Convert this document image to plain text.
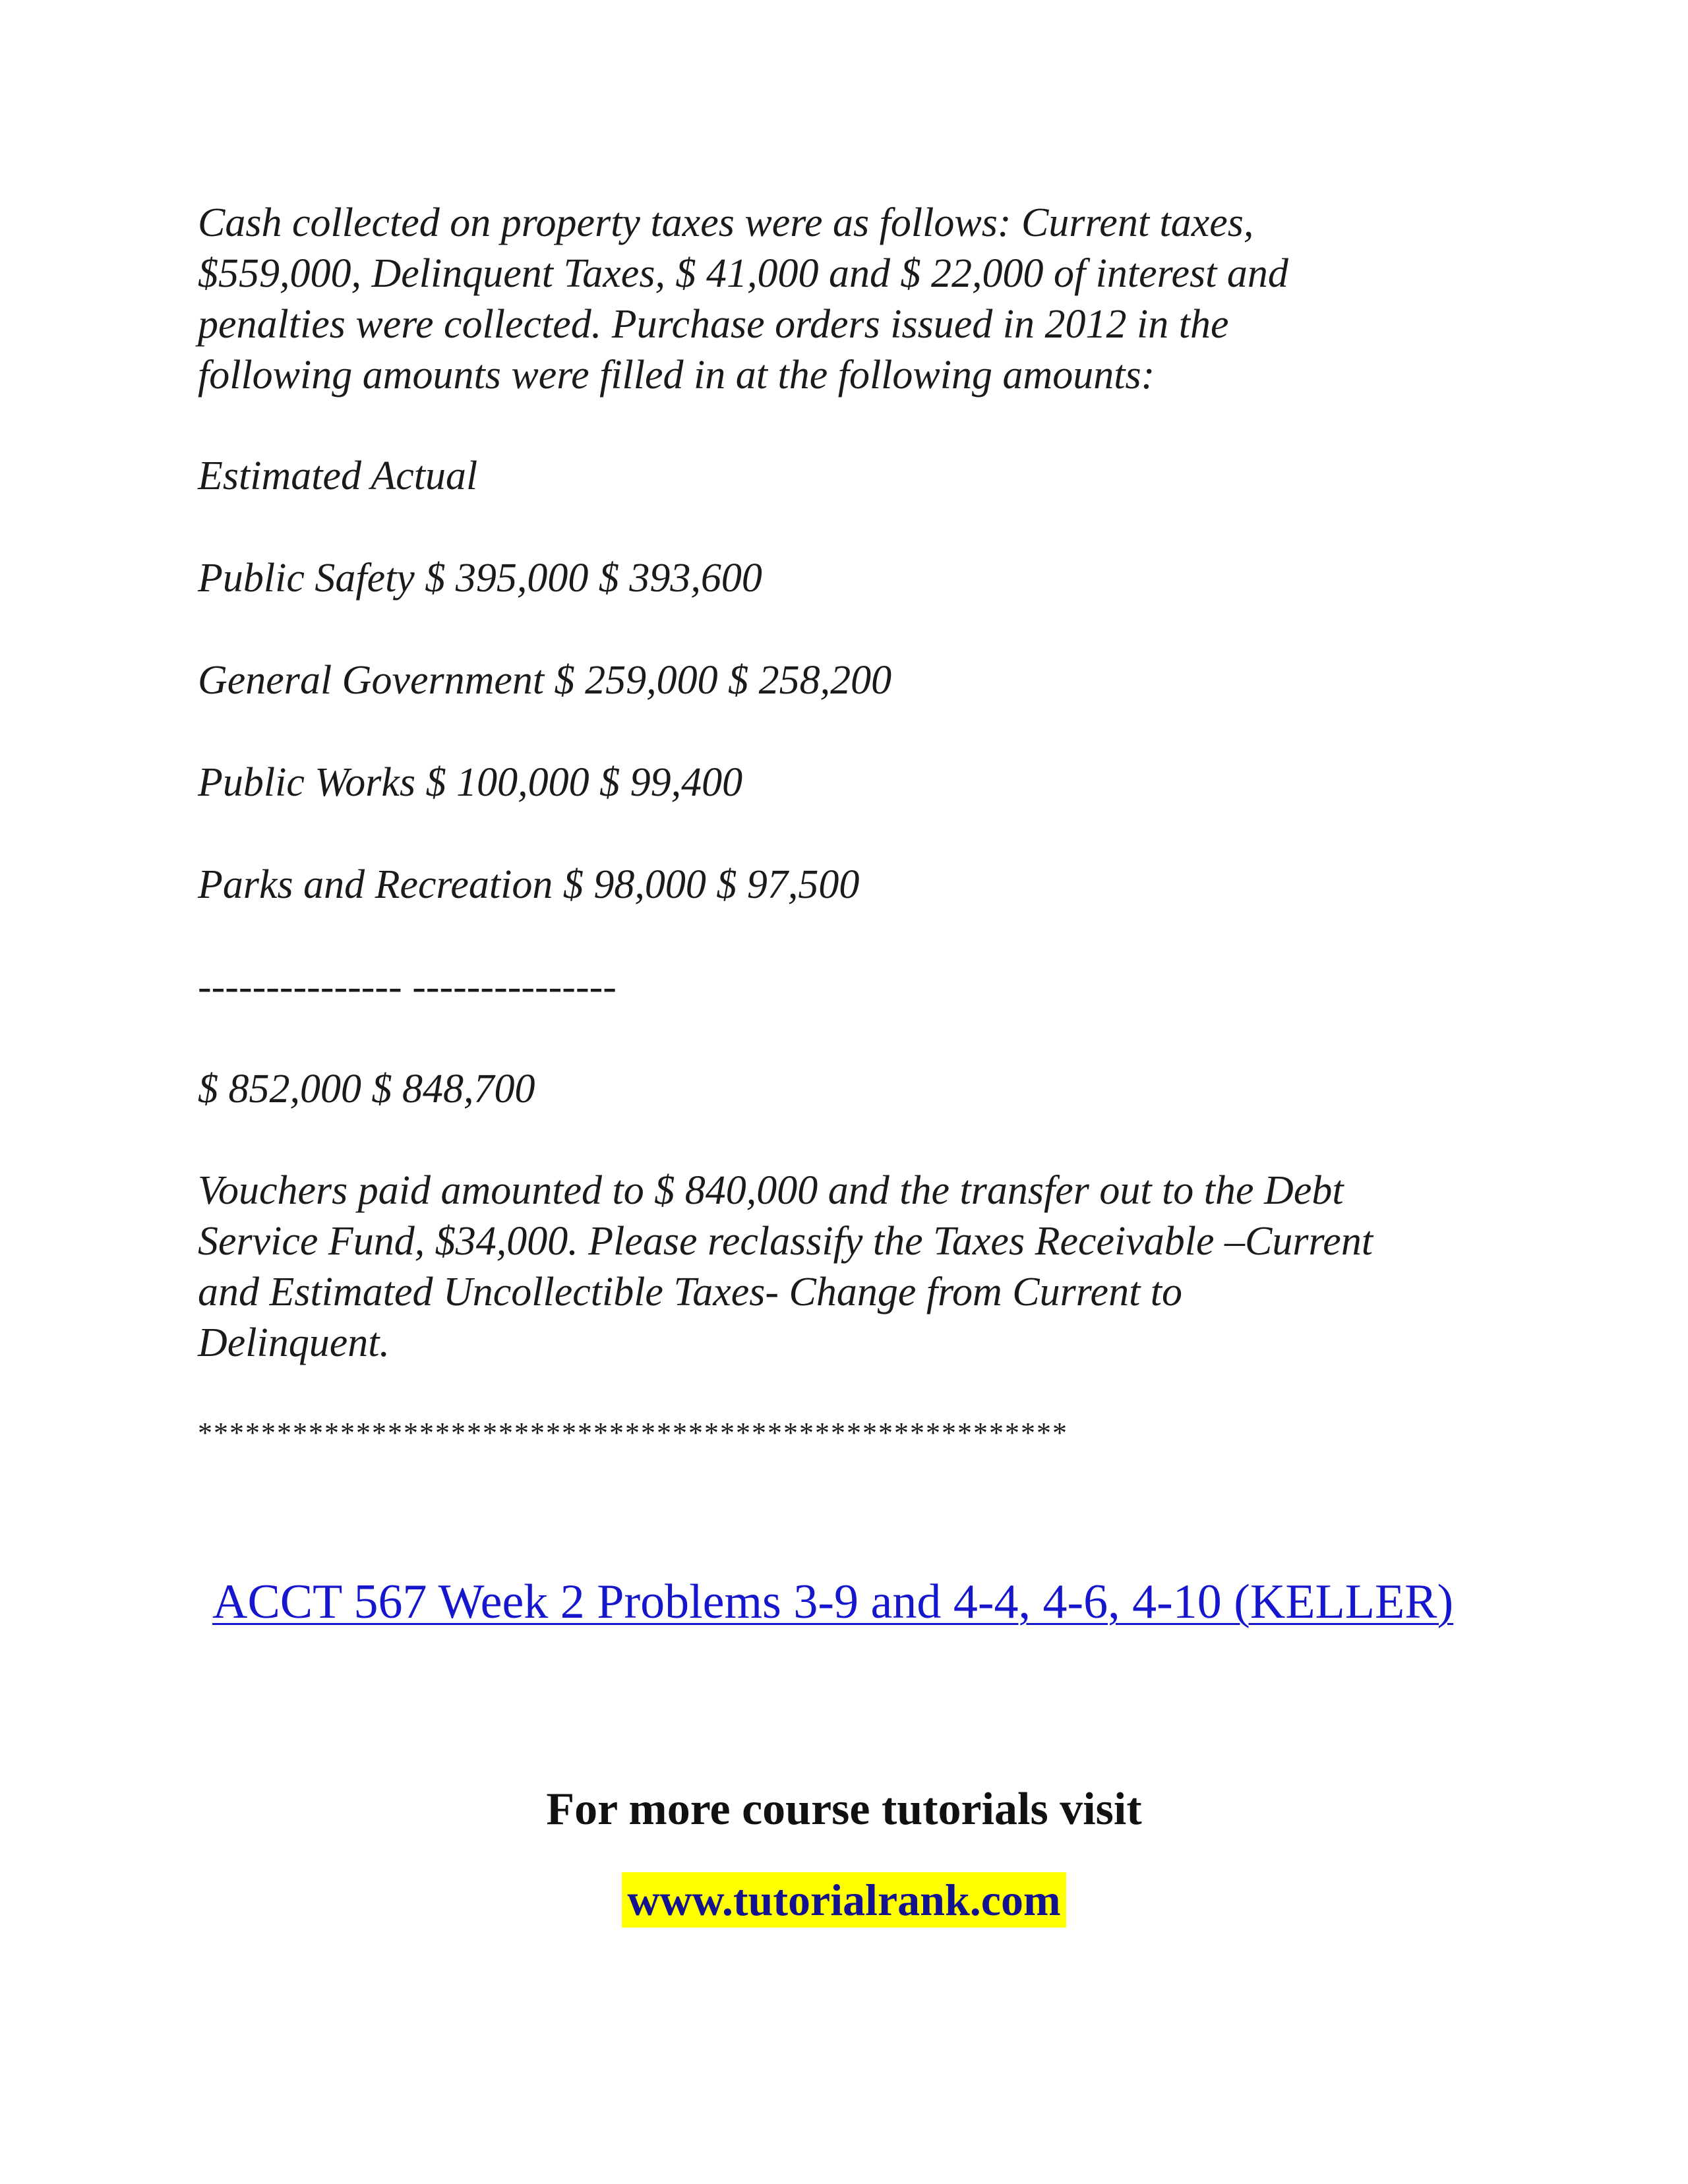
Cash collected on property taxes were as follows: Current taxes,
$559,000, Delinquent Taxes, $ 41,000 and $ 22,000 of interest and
penalties were collected. Purchase orders issued in 2012 in the
following amounts were filled in at the following amounts:
Estimated Actual
Public Safety $ 395,000 $ 393,600
General Government $ 259,000 $ 258,200
Public Works $ 100,000 $ 99,400
Parks and Recreation $ 98,000 $ 97,500
--------------- ---------------
$ 852,000 $ 848,700
Vouchers paid amounted to $ 840,000 and the transfer out to the Debt
Service Fund, $34,000. Please reclassify the Taxes Receivable –Current
and Estimated Uncollectible Taxes- Change from Current to
Delinquent.
*******************************************************
ACCT 567 Week 2 Problems 3-9 and 4-4, 4-6, 4-10 (KELLER)
For more course tutorials visit
www.tutorialrank.com
